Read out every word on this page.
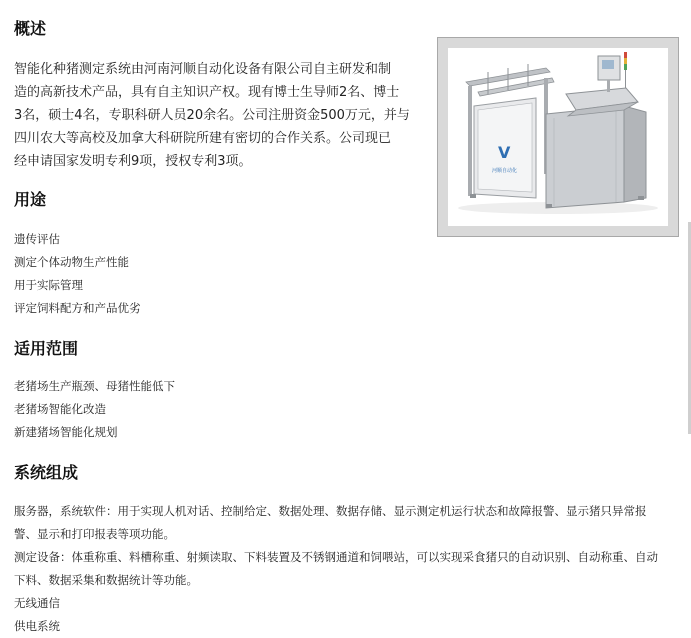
概述
智能化种猪测定系统由河南河顺自动化设备有限公司自主研发和制
造的高新技术产品，具有自主知识产权。现有博士生导师2名、博士
3名，硕士4名，专职科研人员20余名。公司注册资金500万元，并与
四川农大等高校及加拿大科研院所建有密切的合作关系。公司现已
经申请国家发明专利9项，授权专利3项。	V
河顺自动化
用途
遗传评估
测定个体动物生产性能
用于实际管理
评定饲料配方和产品优劣
适用范围
老猪场生产瓶颈、母猪性能低下
老猪场智能化改造
新建猪场智能化规划
系统组成
服务器，系统软件：用于实现人机对话、控制给定、数据处理、数据存储、显示测定机运行状态和故障报警、显示猪只异常报
警、显示和打印报表等项功能。
测定设备：体重称重、料槽称重、射频读取、下料装置及不锈钢通道和饲喂站，可以实现采食猪只的自动识别、自动称重、自动
下料、数据采集和数据统计等功能。
无线通信
供电系统
